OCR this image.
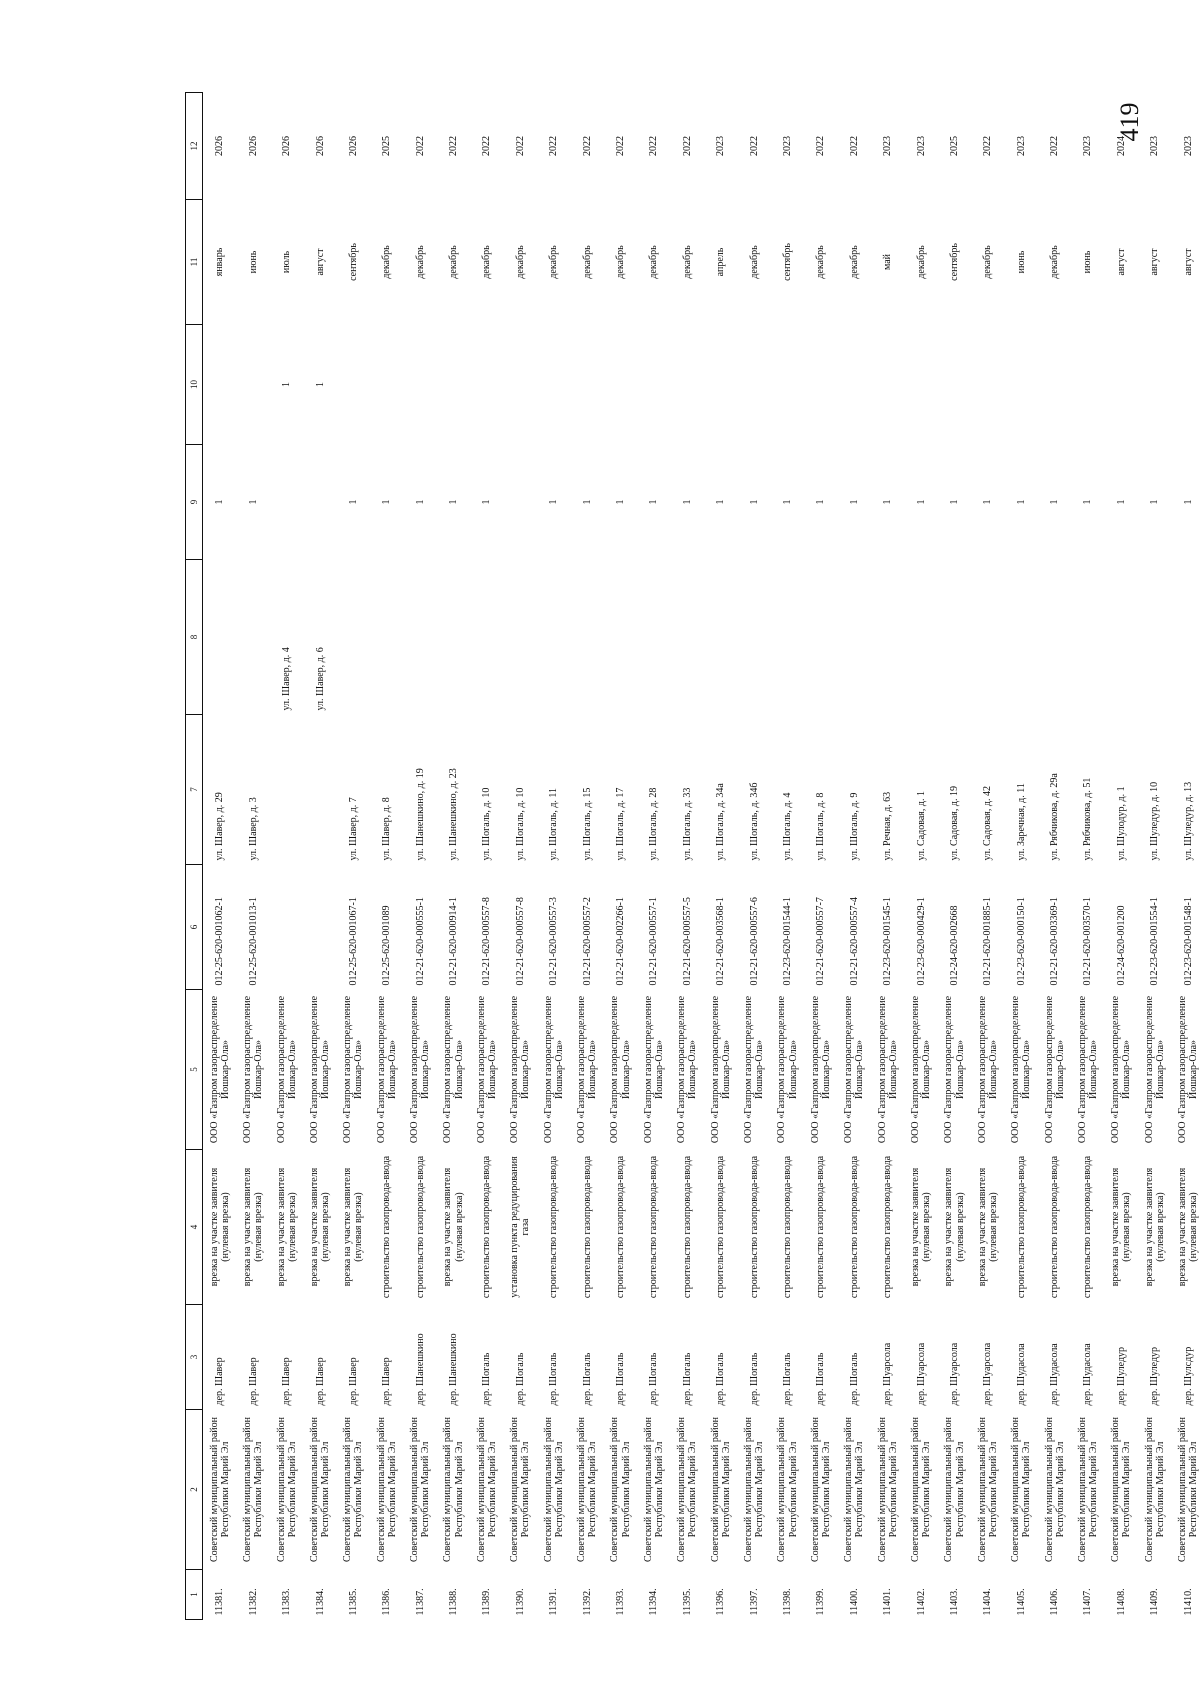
419
1	2	3	4	5	6	7	8	9	10	11	12
11381.	Советский муниципальный район Республики Марий Эл	дер. Шавер	врезка на участке заявителя (нулевая врезка)	ООО «Газпром газораспределение Йошкар-Ола»	012-25-620-001062-1	ул. Шавер, д. 29		1		январь	2026
11382.	Советский муниципальный район Республики Марий Эл	дер. Шавер	врезка на участке заявителя (нулевая врезка)	ООО «Газпром газораспределение Йошкар-Ола»	012-25-620-001013-1	ул. Шавер, д. 3		1		июнь	2026
11383.	Советский муниципальный район Республики Марий Эл	дер. Шавер	врезка на участке заявителя (нулевая врезка)	ООО «Газпром газораспределение Йошкар-Ола»			ул. Шавер, д. 4		1	июль	2026
11384.	Советский муниципальный район Республики Марий Эл	дер. Шавер	врезка на участке заявителя (нулевая врезка)	ООО «Газпром газораспределение Йошкар-Ола»			ул. Шавер, д. 6		1	август	2026
11385.	Советский муниципальный район Республики Марий Эл	дер. Шавер	врезка на участке заявителя (нулевая врезка)	ООО «Газпром газораспределение Йошкар-Ола»	012-25-620-001067-1	ул. Шавер, д. 7		1		сентябрь	2026
11386.	Советский муниципальный район Республики Марий Эл	дер. Шавер	строительство газопровода-ввода	ООО «Газпром газораспределение Йошкар-Ола»	012-25-620-001089	ул. Шавер, д. 8		1		декабрь	2025
11387.	Советский муниципальный район Республики Марий Эл	дер. Шанешкино	строительство газопровода-ввода	ООО «Газпром газораспределение Йошкар-Ола»	012-21-620-000555-1	ул. Шанешкино, д. 19		1		декабрь	2022
11388.	Советский муниципальный район Республики Марий Эл	дер. Шанешкино	врезка на участке заявителя (нулевая врезка)	ООО «Газпром газораспределение Йошкар-Ола»	012-21-620-000914-1	ул. Шанешкино, д. 23		1		декабрь	2022
11389.	Советский муниципальный район Республики Марий Эл	дер. Шогаль	строительство газопровода-ввода	ООО «Газпром газораспределение Йошкар-Ола»	012-21-620-000557-8	ул. Шогаль, д. 10		1		декабрь	2022
11390.	Советский муниципальный район Республики Марий Эл	дер. Шогаль	установка пункта редуцирования газа	ООО «Газпром газораспределение Йошкар-Ола»	012-21-620-000557-8	ул. Шогаль, д. 10				декабрь	2022
11391.	Советский муниципальный район Республики Марий Эл	дер. Шогаль	строительство газопровода-ввода	ООО «Газпром газораспределение Йошкар-Ола»	012-21-620-000557-3	ул. Шогаль, д. 11		1		декабрь	2022
11392.	Советский муниципальный район Республики Марий Эл	дер. Шогаль	строительство газопровода-ввода	ООО «Газпром газораспределение Йошкар-Ола»	012-21-620-000557-2	ул. Шогаль, д. 15		1		декабрь	2022
11393.	Советский муниципальный район Республики Марий Эл	дер. Шогаль	строительство газопровода-ввода	ООО «Газпром газораспределение Йошкар-Ола»	012-21-620-002266-1	ул. Шогаль, д. 17		1		декабрь	2022
11394.	Советский муниципальный район Республики Марий Эл	дер. Шогаль	строительство газопровода-ввода	ООО «Газпром газораспределение Йошкар-Ола»	012-21-620-000557-1	ул. Шогаль, д. 28		1		декабрь	2022
11395.	Советский муниципальный район Республики Марий Эл	дер. Шогаль	строительство газопровода-ввода	ООО «Газпром газораспределение Йошкар-Ола»	012-21-620-000557-5	ул. Шогаль, д. 33		1		декабрь	2022
11396.	Советский муниципальный район Республики Марий Эл	дер. Шогаль	строительство газопровода-ввода	ООО «Газпром газораспределение Йошкар-Ола»	012-21-620-003568-1	ул. Шогаль, д. 34а		1		апрель	2023
11397.	Советский муниципальный район Республики Марий Эл	дер. Шогаль	строительство газопровода-ввода	ООО «Газпром газораспределение Йошкар-Ола»	012-21-620-000557-6	ул. Шогаль, д. 34б		1		декабрь	2022
11398.	Советский муниципальный район Республики Марий Эл	дер. Шогаль	строительство газопровода-ввода	ООО «Газпром газораспределение Йошкар-Ола»	012-23-620-001544-1	ул. Шогаль, д. 4		1		сентябрь	2023
11399.	Советский муниципальный район Республики Марий Эл	дер. Шогаль	строительство газопровода-ввода	ООО «Газпром газораспределение Йошкар-Ола»	012-21-620-000557-7	ул. Шогаль, д. 8		1		декабрь	2022
11400.	Советский муниципальный район Республики Марий Эл	дер. Шогаль	строительство газопровода-ввода	ООО «Газпром газораспределение Йошкар-Ола»	012-21-620-000557-4	ул. Шогаль, д. 9		1		декабрь	2022
11401.	Советский муниципальный район Республики Марий Эл	дер. Шуарсола	строительство газопровода-ввода	ООО «Газпром газораспределение Йошкар-Ола»	012-23-620-001545-1	ул. Речная, д. 63		1		май	2023
11402.	Советский муниципальный район Республики Марий Эл	дер. Шуарсола	врезка на участке заявителя (нулевая врезка)	ООО «Газпром газораспределение Йошкар-Ола»	012-23-620-000429-1	ул. Садовая, д. 1		1		декабрь	2023
11403.	Советский муниципальный район Республики Марий Эл	дер. Шуарсола	врезка на участке заявителя (нулевая врезка)	ООО «Газпром газораспределение Йошкар-Ола»	012-24-620-002668	ул. Садовая, д. 19		1		сентябрь	2025
11404.	Советский муниципальный район Республики Марий Эл	дер. Шуарсола	врезка на участке заявителя (нулевая врезка)	ООО «Газпром газораспределение Йошкар-Ола»	012-21-620-001885-1	ул. Садовая, д. 42		1		декабрь	2022
11405.	Советский муниципальный район Республики Марий Эл	дер. Шудасола	строительство газопровода-ввода	ООО «Газпром газораспределение Йошкар-Ола»	012-23-620-000150-1	ул. Заречная, д. 11		1		июнь	2023
11406.	Советский муниципальный район Республики Марий Эл	дер. Шудасола	строительство газопровода-ввода	ООО «Газпром газораспределение Йошкар-Ола»	012-21-620-003369-1	ул. Рябчикова, д. 29а		1		декабрь	2022
11407.	Советский муниципальный район Республики Марий Эл	дер. Шудасола	строительство газопровода-ввода	ООО «Газпром газораспределение Йошкар-Ола»	012-21-620-003570-1	ул. Рябчикова, д. 51		1		июнь	2023
11408.	Советский муниципальный район Республики Марий Эл	дер. Шуледур	врезка на участке заявителя (нулевая врезка)	ООО «Газпром газораспределение Йошкар-Ола»	012-24-620-001200	ул. Шулодур, д. 1		1		август	2024
11409.	Советский муниципальный район Республики Марий Эл	дер. Шуледур	врезка на участке заявителя (нулевая врезка)	ООО «Газпром газораспределение Йошкар-Ола»	012-23-620-001554-1	ул. Шуледур, д. 10		1		август	2023
11410.	Советский муниципальный район Республики Марий Эл	дер. Шулсдур	врезка на участке заявителя (нулевая врезка)	ООО «Газпром газораспределение Йошкар-Ола»	012-23-620-001548-1	ул. Шуледур, д. 13		1		август	2023
